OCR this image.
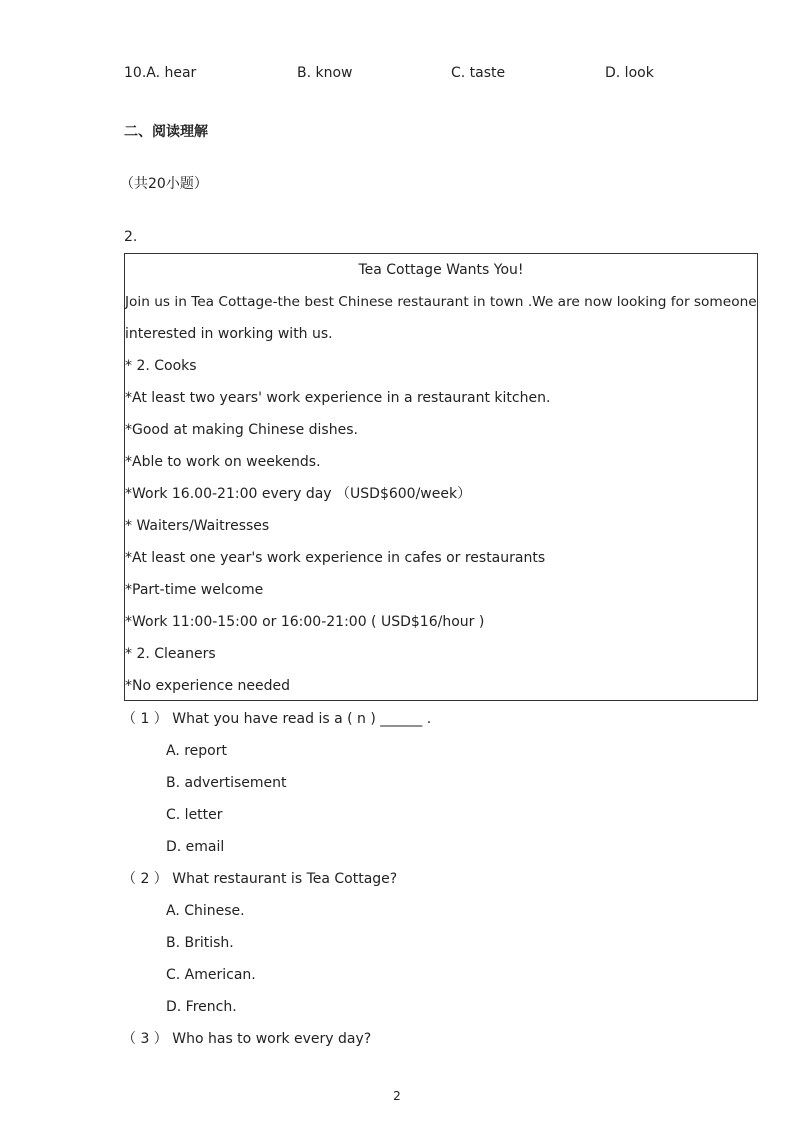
10.A. hear	B. know	C. taste	D. look
二、阅读理解
（共20小题）
2.
Tea Cottage Wants You!
Join us in Tea Cottage-the best Chinese restaurant in town .We are now looking for someone
interested in working with us.
* 2. Cooks
*At least two years' work experience in a restaurant kitchen.
*Good at making Chinese dishes.
*Able to work on weekends.
*Work 16.00-21:00 every day （USD$600/week）
* Waiters/Waitresses
*At least one year's work experience in cafes or restaurants
*Part-time welcome
*Work 11:00-15:00 or 16:00-21:00 ( USD$16/hour )
* 2. Cleaners
*No experience needed
（ 1 ） What you have read is a ( n ) ______ .
A. report
B. advertisement
C. letter
D. email
（ 2 ） What restaurant is Tea Cottage?
A. Chinese.
B. British.
C. American.
D. French.
（ 3 ） Who has to work every day?
2
